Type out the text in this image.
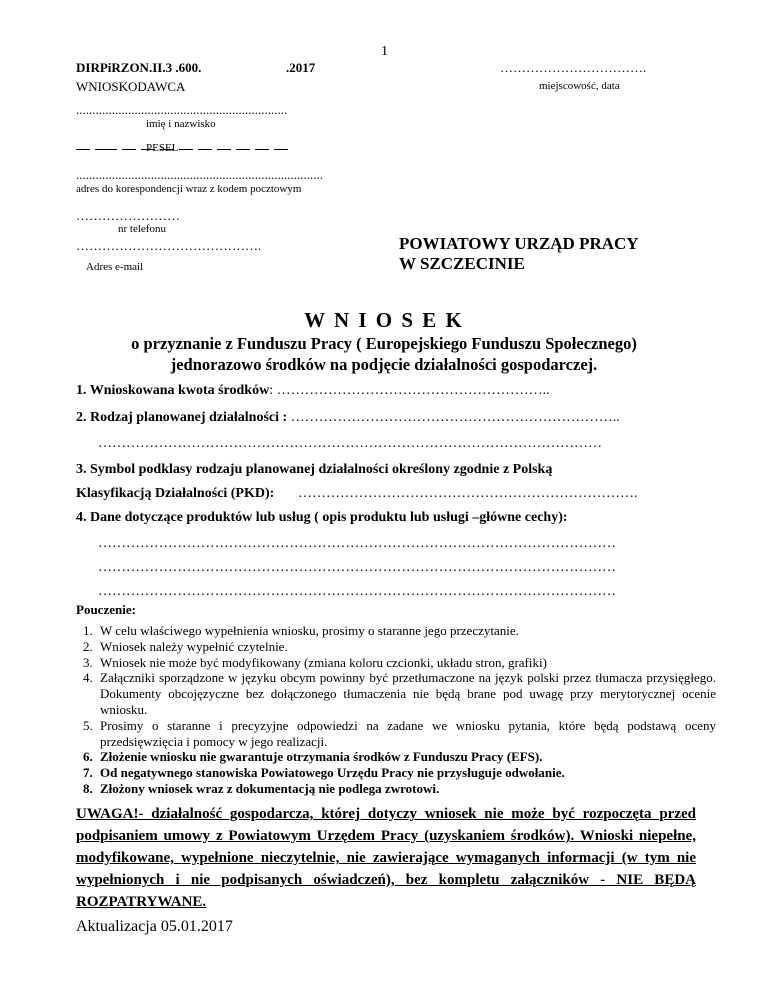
1
DIRPiRZON.II.3 .600.	.2017
WNIOSKODAWCA
…………………………….
miejscowość, data
.................................................................
imię i nazwisko
PESEL
............................................................................
adres do korespondencji wraz z kodem pocztowym
……………………
nr telefonu
…………………………………….
Adres e-mail
POWIATOWY URZĄD PRACY
W SZCZECINIE
W N I O S E K
o przyznanie z Funduszu Pracy ( Europejskiego Funduszu Społecznego)
jednorazowo środków na podjęcie działalności gospodarczej.
1. Wnioskowana kwota środków: …………………………………………………..
2. Rodzaj planowanej działalności : ……………………………………………………………..
………………………………………………………………………………………………
3. Symbol podklasy rodzaju planowanej działalności określony zgodnie z Polską
Klasyfikacją Działalności (PKD): ……………………………………………………………….
4. Dane dotyczące produktów lub usług ( opis produktu lub usługi –główne cechy):
…………………………………………………………………………………………………
…………………………………………………………………………………………………
…………………………………………………………………………………………………
Pouczenie:
1. W celu właściwego wypełnienia wniosku, prosimy o staranne jego przeczytanie.
2. Wniosek należy wypełnić czytelnie.
3. Wniosek nie może być modyfikowany (zmiana koloru czcionki, układu stron, grafiki)
4. Załączniki sporządzone w języku obcym powinny być przetłumaczone na język polski przez tłumacza przysięgłego. Dokumenty obcojęzyczne bez dołączonego tłumaczenia nie będą brane pod uwagę przy merytorycznej ocenie wniosku.
5. Prosimy o staranne i precyzyjne odpowiedzi na zadane we wniosku pytania, które będą podstawą oceny przedsięwzięcia i pomocy w jego realizacji.
6. Złożenie wniosku nie gwarantuje otrzymania środków z Funduszu Pracy (EFS).
7. Od negatywnego stanowiska Powiatowego Urzędu Pracy nie przysługuje odwołanie.
8. Złożony wniosek wraz z dokumentacją nie podlega zwrotowi.
UWAGA!- działalność gospodarcza, której dotyczy wniosek nie może być rozpoczęta przed podpisaniem umowy z Powiatowym Urzędem Pracy (uzyskaniem środków). Wnioski niepełne, modyfikowane, wypełnione nieczytelnie, nie zawierające wymaganych informacji (w tym nie wypełnionych i nie podpisanych oświadczeń), bez kompletu załączników - NIE BĘDĄ ROZPATRYWANE.
Aktualizacja 05.01.2017
